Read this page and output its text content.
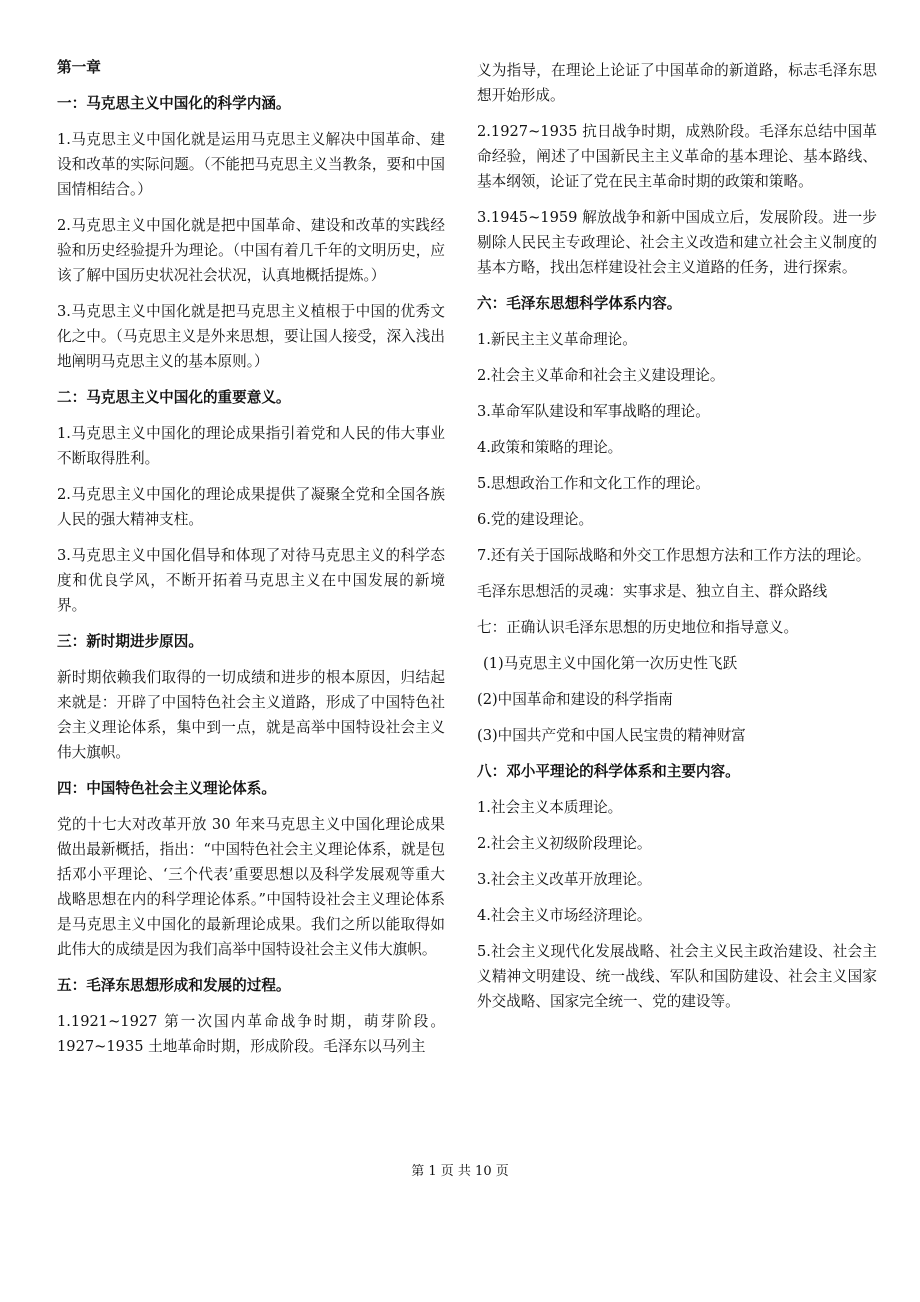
第一章
一：马克思主义中国化的科学内涵。

1.马克思主义中国化就是运用马克思主义解决中国革命、建设和改革的实际问题。（不能把马克思主义当教条，要和中国国情相结合。）

2.马克思主义中国化就是把中国革命、建设和改革的实践经验和历史经验提升为理论。（中国有着几千年的文明历史，应该了解中国历史状况社会状况，认真地概括提炼。）

3.马克思主义中国化就是把马克思主义植根于中国的优秀文化之中。（马克思主义是外来思想，要让国人接受，深入浅出地阐明马克思主义的基本原则。）

二：马克思主义中国化的重要意义。

1.马克思主义中国化的理论成果指引着党和人民的伟大事业不断取得胜利。

2.马克思主义中国化的理论成果提供了凝聚全党和全国各族人民的强大精神支柱。

3.马克思主义中国化倡导和体现了对待马克思主义的科学态度和优良学风，不断开拓着马克思主义在中国发展的新境界。

三：新时期进步原因。

新时期依赖我们取得的一切成绩和进步的根本原因，归结起来就是：开辟了中国特色社会主义道路，形成了中国特色社会主义理论体系，集中到一点，就是高举中国特设社会主义伟大旗帜。

四：中国特色社会主义理论体系。

党的十七大对改革开放 30 年来马克思主义中国化理论成果做出最新概括，指出：“中国特色社会主义理论体系，就是包括邓小平理论、‘三个代表’重要思想以及科学发展观等重大战略思想在内的科学理论体系。”中国特设社会主义理论体系是马克思主义中国化的最新理论成果。我们之所以能取得如此伟大的成绩是因为我们高举中国特设社会主义伟大旗帜。

五：毛泽东思想形成和发展的过程。

1.1921~1927 第一次国内革命战争时期，萌芽阶段。1927~1935 土地革命时期，形成阶段。毛泽东以马列主

义为指导，在理论上论证了中国革命的新道路，标志毛泽东思想开始形成。

2.1927~1935 抗日战争时期，成熟阶段。毛泽东总结中国革命经验，阐述了中国新民主主义革命的基本理论、基本路线、基本纲领，论证了党在民主革命时期的政策和策略。

3.1945~1959 解放战争和新中国成立后，发展阶段。进一步剔除人民民主专政理论、社会主义改造和建立社会主义制度的基本方略，找出怎样建设社会主义道路的任务，进行探索。

六：毛泽东思想科学体系内容。

1.新民主主义革命理论。

2.社会主义革命和社会主义建设理论。

3.革命军队建设和军事战略的理论。

4.政策和策略的理论。

5.思想政治工作和文化工作的理论。

6.党的建设理论。

7.还有关于国际战略和外交工作思想方法和工作方法的理论。

毛泽东思想活的灵魂：实事求是、独立自主、群众路线

七：正确认识毛泽东思想的历史地位和指导意义。

(1)马克思主义中国化第一次历史性飞跃

(2)中国革命和建设的科学指南

(3)中国共产党和中国人民宝贵的精神财富

八：邓小平理论的科学体系和主要内容。

1.社会主义本质理论。

2.社会主义初级阶段理论。

3.社会主义改革开放理论。

4.社会主义市场经济理论。

5.社会主义现代化发展战略、社会主义民主政治建设、社会主义精神文明建设、统一战线、军队和国防建设、社会主义国家外交战略、国家完全统一、党的建设等。

第 1 页 共 10 页
